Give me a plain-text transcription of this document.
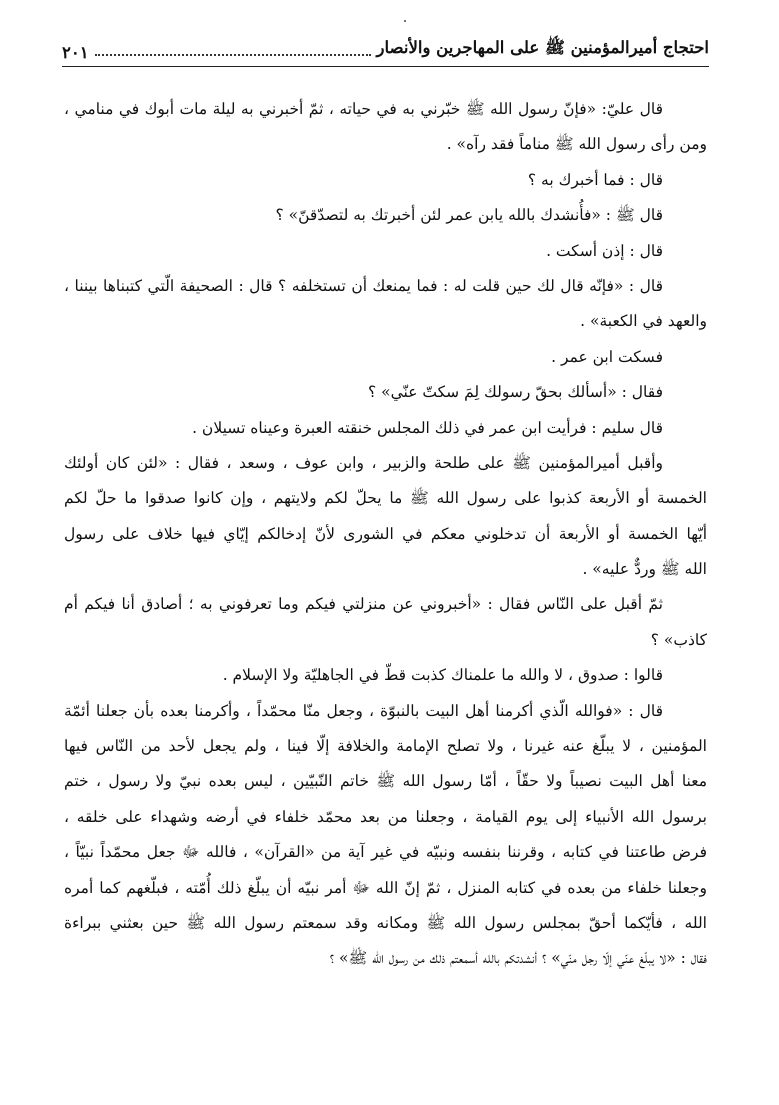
احتجاج أميرالمؤمنين ﷺ على المهاجرين والأنصار
٢٠١
قال عليّ: «فإنّ رسول الله ﷺ خبّرني به في حياته ، ثمّ أخبرني به ليلة مات أبوك في منامي ،
ومن رأى رسول الله ﷺ مناماً فقد رآه» .
قال : فما أخبرك به ؟
قال ﷺ : «فأُنشدك بالله يابن عمر لئن أخبرتك به لتصدّقنّ» ؟
قال : إذن أسكت .
قال : «فإنّه قال لك حين قلت له : فما يمنعك أن تستخلفه ؟ قال : الصحيفة الّتي كتبناها بيننا ،
والعهد في الكعبة» .
فسكت ابن عمر .
فقال : «أسألك بحقّ رسولك لِمَ سكتّ عنّي» ؟
قال سليم : فرأيت ابن عمر في ذلك المجلس خنقته العبرة وعيناه تسيلان .
وأقبل أميرالمؤمنين ﷺ على طلحة والزبير ، وابن عوف ، وسعد ، فقال : «لئن كان أولئك
الخمسة أو الأربعة كذبوا على رسول الله ﷺ ما يحلّ لكم ولايتهم ، وإن كانوا صدقوا ما حلّ لكم
أيّها الخمسة أو الأربعة أن تدخلوني معكم في الشورى لأنّ إدخالكم إيّاي فيها خلاف على رسول
الله ﷺ وردٌّ عليه» .
ثمّ أقبل على النّاس فقال : «أخبروني عن منزلتي فيكم وما تعرفوني به ؛ أصادق أنا فيكم أم
كاذب» ؟
قالوا : صدوق ، لا والله ما علمناك كذبت قطّ في الجاهليّة ولا الإسلام .
قال : «فوالله الّذي أكرمنا أهل البيت بالنبوّة ، وجعل منّا محمّداً ، وأكرمنا بعده بأن جعلنا أئمّة
المؤمنين ، لا يبلّغ عنه غيرنا ، ولا تصلح الإمامة والخلافة إلّا فينا ، ولم يجعل لأحد من النّاس فيها
معنا أهل البيت نصيباً ولا حقّاً ، أمّا رسول الله ﷺ خاتم النّبيّين ، ليس بعده نبيّ ولا رسول ، ختم
برسول الله الأنبياء إلى يوم القيامة ، وجعلنا من بعد محمّد خلفاء في أرضه وشهداء على خلقه ،
فرض طاعتنا في كتابه ، وقرننا بنفسه ونبيّه في غير آية من «القرآن» ، فالله ﷻ جعل محمّداً نبيّاً ،
وجعلنا خلفاء من بعده في كتابه المنزل ، ثمّ إنّ الله ﷻ أمر نبيّه أن يبلّغ ذلك أُمّته ، فبلّغهم كما أمره
الله ، فأيّكما أحقّ بمجلس رسول الله ﷺ ومكانه وقد سمعتم رسول الله ﷺ حين بعثني ببراءة
فقال : «لا يبلّغ عنّي إلّا رجل منّي» ؟ أنشدتكم بالله أسمعتم ذلك من رسول الله ﷺ» ؟
